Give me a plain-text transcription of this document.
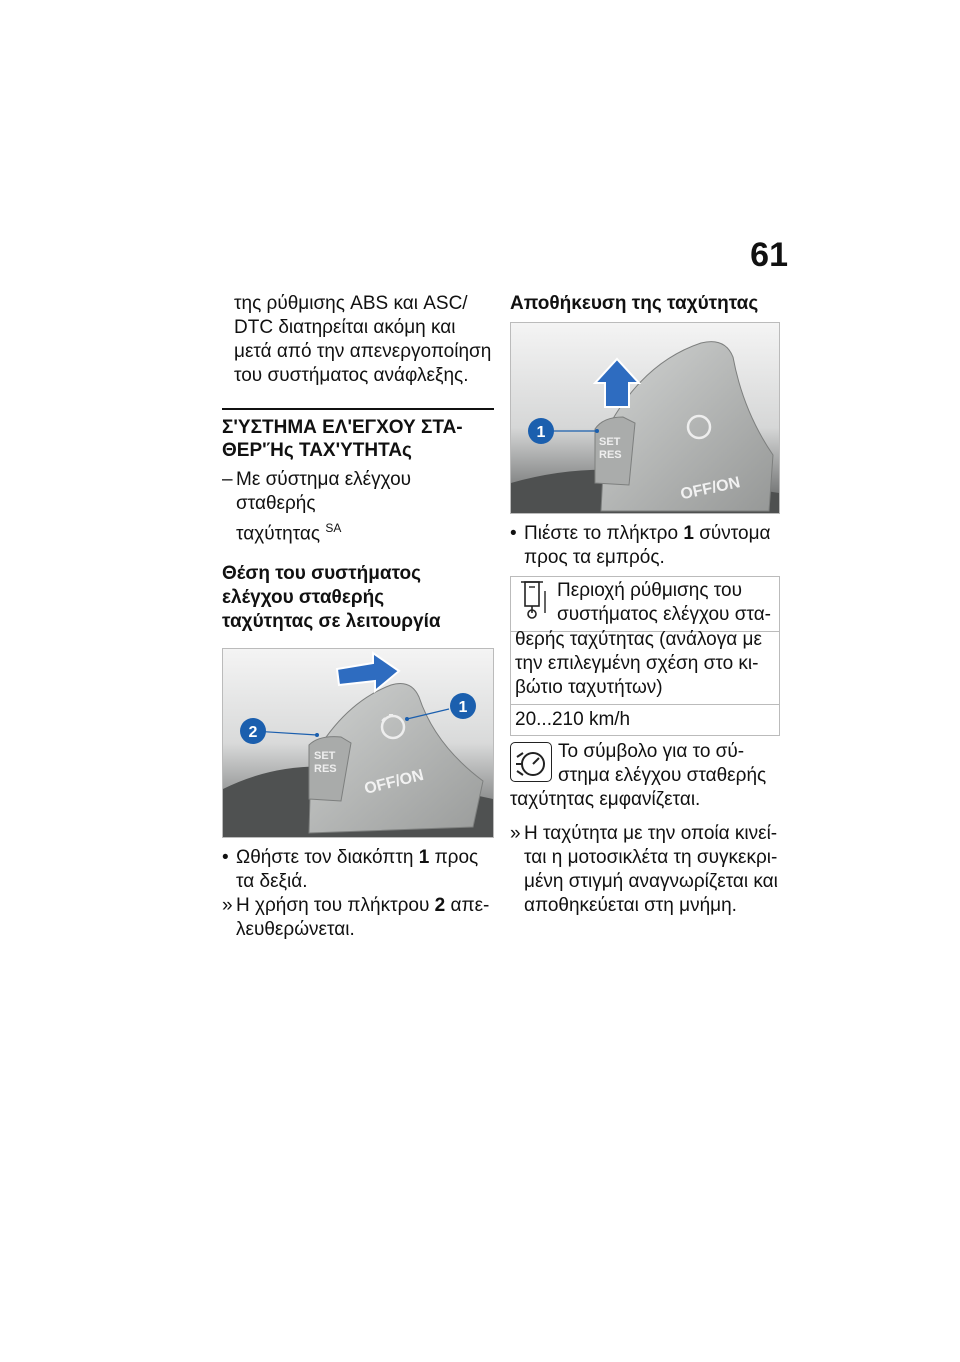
61

της ρύθμισης ABS και ASC/

DTC διατηρείται ακόμη και

μετά από την απενεργοποίηση

του συστήματος ανάφλεξης.

Σ'ΥΣΤΗΜΑ ΕΛ'ΕΓΧΟΥ ΣΤΑ-

ΘΕΡ'Ής ΤΑΧ'ΥΤΗΤΑς

– Με σύστημα ελέγχου σταθερής

ταχύτητας $^{SA}$

Θέση του συστήματος

ελέγχου σταθερής

ταχύτητας σε λειτουργία

SET
RES OFF/ON
1
2
• Ωθήστε τον διακόπτη 1 προς

τα δεξιά.

» Η χρήση του πλήκτρου 2 απε-

λευθερώνεται.

Αποθήκευση της ταχύτητας
SET
RES
OFF/ON
1
• Πιέστε το πλήκτρο 1 σύντομα

προς τα εμπρός.

Περιοχή ρύθμισης του

συστήματος ελέγχου στα-

θερής ταχύτητας (ανάλογα με

την επιλεγμένη σχέση στο κι-

βώτιο ταχυτήτων)

20...210 km/h

Το σύμβολο για το σύ-

στημα ελέγχου σταθερής

ταχύτητας εμφανίζεται.

» Η ταχύτητα με την οποία κινεί-

ται η μοτοσικλέτα τη συγκεκρι-

μένη στιγμή αναγνωρίζεται και

αποθηκεύεται στη μνήμη.
